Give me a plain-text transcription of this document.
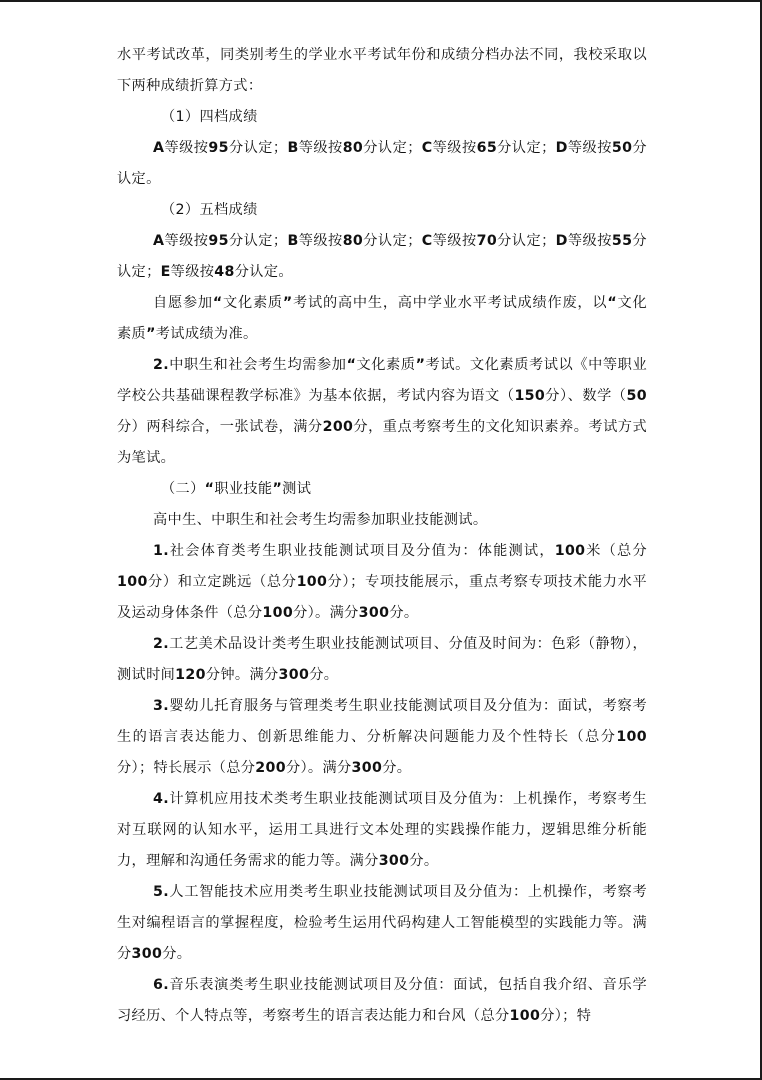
水平考试改革，同类别考生的学业水平考试年份和成绩分档办法不同，我校采取以下两种成绩折算方式：

（1）四档成绩

A等级按95分认定；B等级按80分认定；C等级按65分认定；D等级按50分认定。

（2）五档成绩

A等级按95分认定；B等级按80分认定；C等级按70分认定；D等级按55分认定；E等级按48分认定。

自愿参加“文化素质”考试的高中生，高中学业水平考试成绩作废，以“文化素质”考试成绩为准。

2.中职生和社会考生均需参加“文化素质”考试。文化素质考试以《中等职业学校公共基础课程教学标准》为基本依据，考试内容为语文（150分）、数学（50分）两科综合，一张试卷，满分200分，重点考察考生的文化知识素养。考试方式为笔试。

（二）“职业技能”测试

高中生、中职生和社会考生均需参加职业技能测试。

1.社会体育类考生职业技能测试项目及分值为：体能测试，100米（总分100分）和立定跳远（总分100分）；专项技能展示，重点考察专项技术能力水平及运动身体条件（总分100分）。满分300分。

2.工艺美术品设计类考生职业技能测试项目、分值及时间为：色彩（静物），测试时间120分钟。满分300分。

3.婴幼儿托育服务与管理类考生职业技能测试项目及分值为：面试，考察考生的语言表达能力、创新思维能力、分析解决问题能力及个性特长（总分100分）；特长展示（总分200分）。满分300分。

4.计算机应用技术类考生职业技能测试项目及分值为：上机操作，考察考生对互联网的认知水平，运用工具进行文本处理的实践操作能力，逻辑思维分析能力，理解和沟通任务需求的能力等。满分300分。

5.人工智能技术应用类考生职业技能测试项目及分值为：上机操作，考察考生对编程语言的掌握程度，检验考生运用代码构建人工智能模型的实践能力等。满分300分。

6.音乐表演类考生职业技能测试项目及分值：面试，包括自我介绍、音乐学习经历、个人特点等，考察考生的语言表达能力和台风（总分100分）；特
